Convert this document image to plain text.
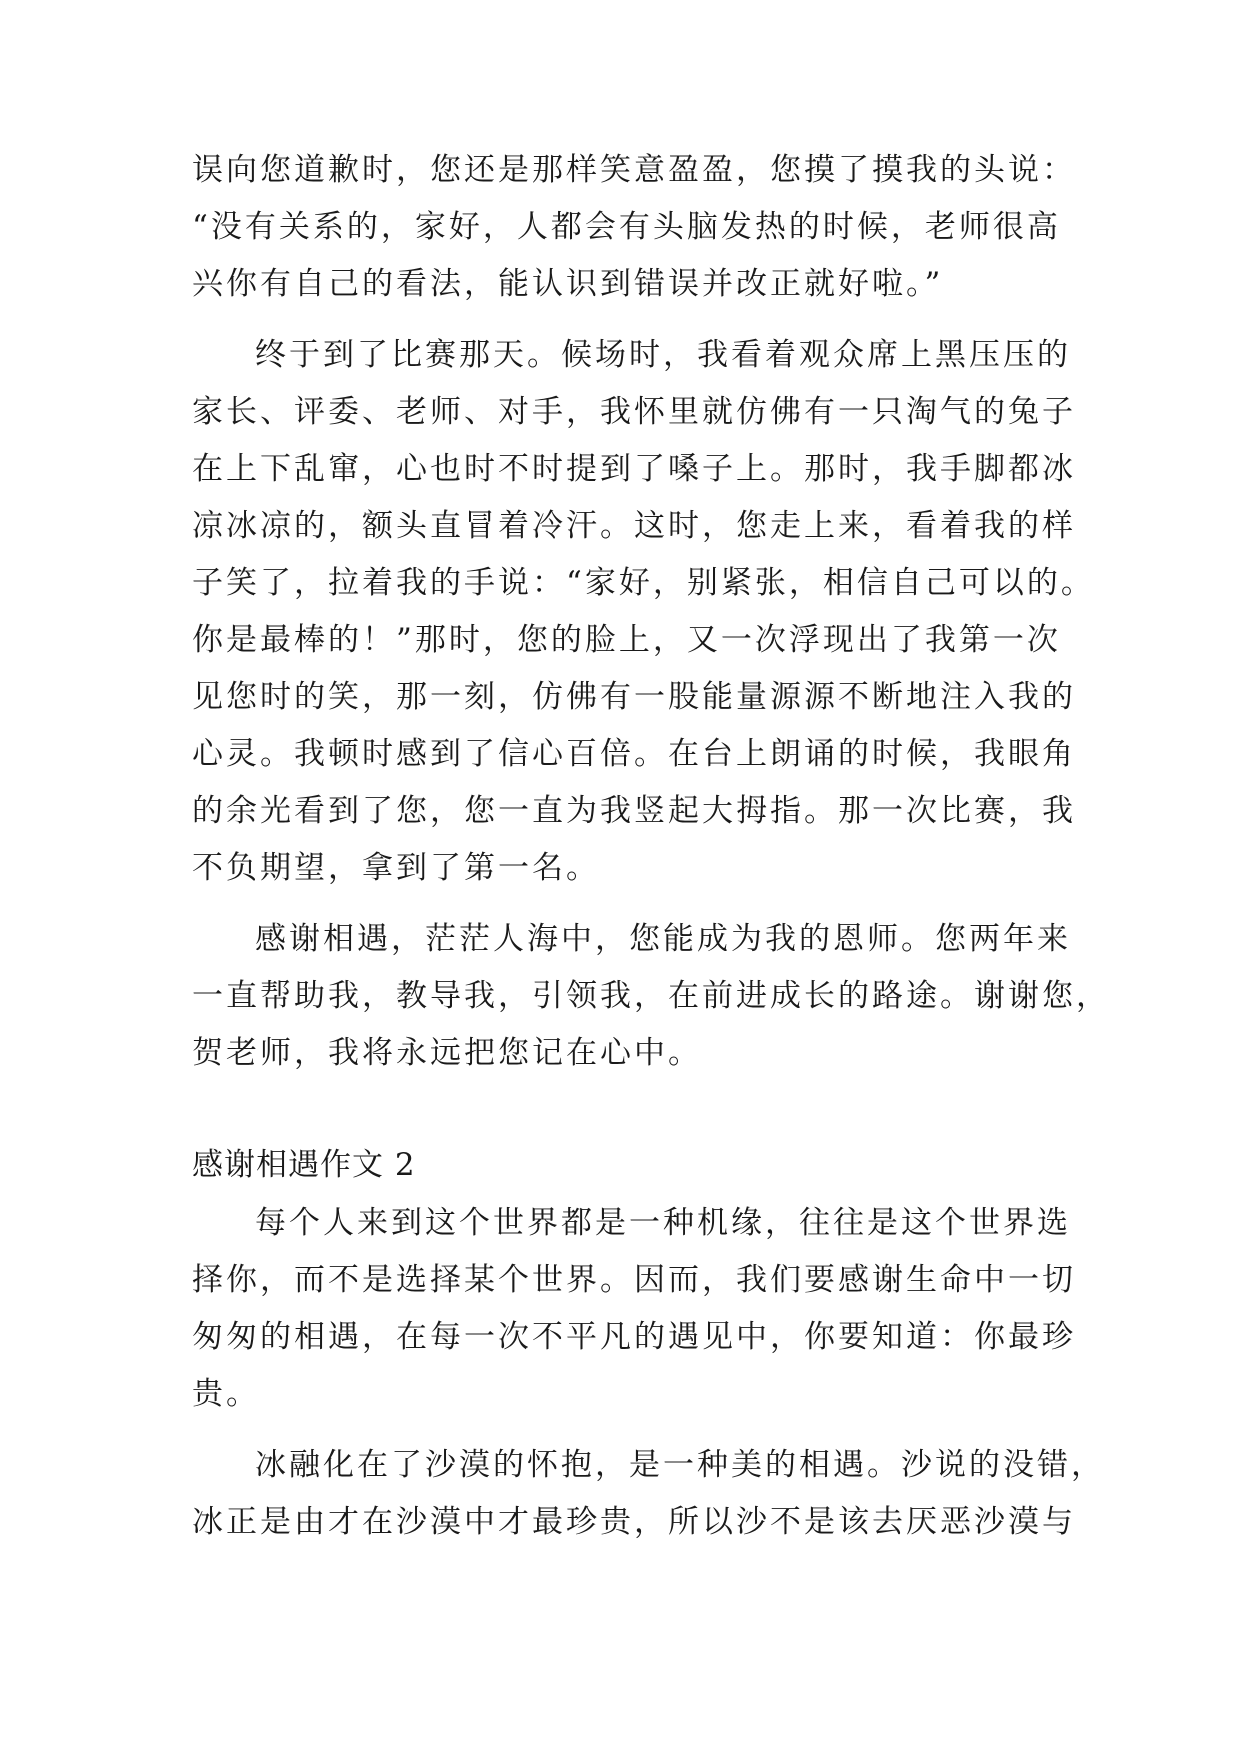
误向您道歉时，您还是那样笑意盈盈，您摸了摸我的头说：
“没有关系的，家好，人都会有头脑发热的时候，老师很高
兴你有自己的看法，能认识到错误并改正就好啦。”
终于到了比赛那天。候场时，我看着观众席上黑压压的
家长、评委、老师、对手，我怀里就仿佛有一只淘气的兔子
在上下乱窜，心也时不时提到了嗓子上。那时，我手脚都冰
凉冰凉的，额头直冒着冷汗。这时，您走上来，看着我的样
子笑了，拉着我的手说：“家好，别紧张，相信自己可以的。
你是最棒的！”那时，您的脸上，又一次浮现出了我第一次
见您时的笑，那一刻，仿佛有一股能量源源不断地注入我的
心灵。我顿时感到了信心百倍。在台上朗诵的时候，我眼角
的余光看到了您，您一直为我竖起大拇指。那一次比赛，我
不负期望，拿到了第一名。
感谢相遇，茫茫人海中，您能成为我的恩师。您两年来
一直帮助我，教导我，引领我，在前进成长的路途。谢谢您，
贺老师，我将永远把您记在心中。
感谢相遇作文 2
每个人来到这个世界都是一种机缘，往往是这个世界选
择你，而不是选择某个世界。因而，我们要感谢生命中一切
匆匆的相遇，在每一次不平凡的遇见中，你要知道：你最珍
贵。
冰融化在了沙漠的怀抱，是一种美的相遇。沙说的没错，
冰正是由才在沙漠中才最珍贵，所以沙不是该去厌恶沙漠与
